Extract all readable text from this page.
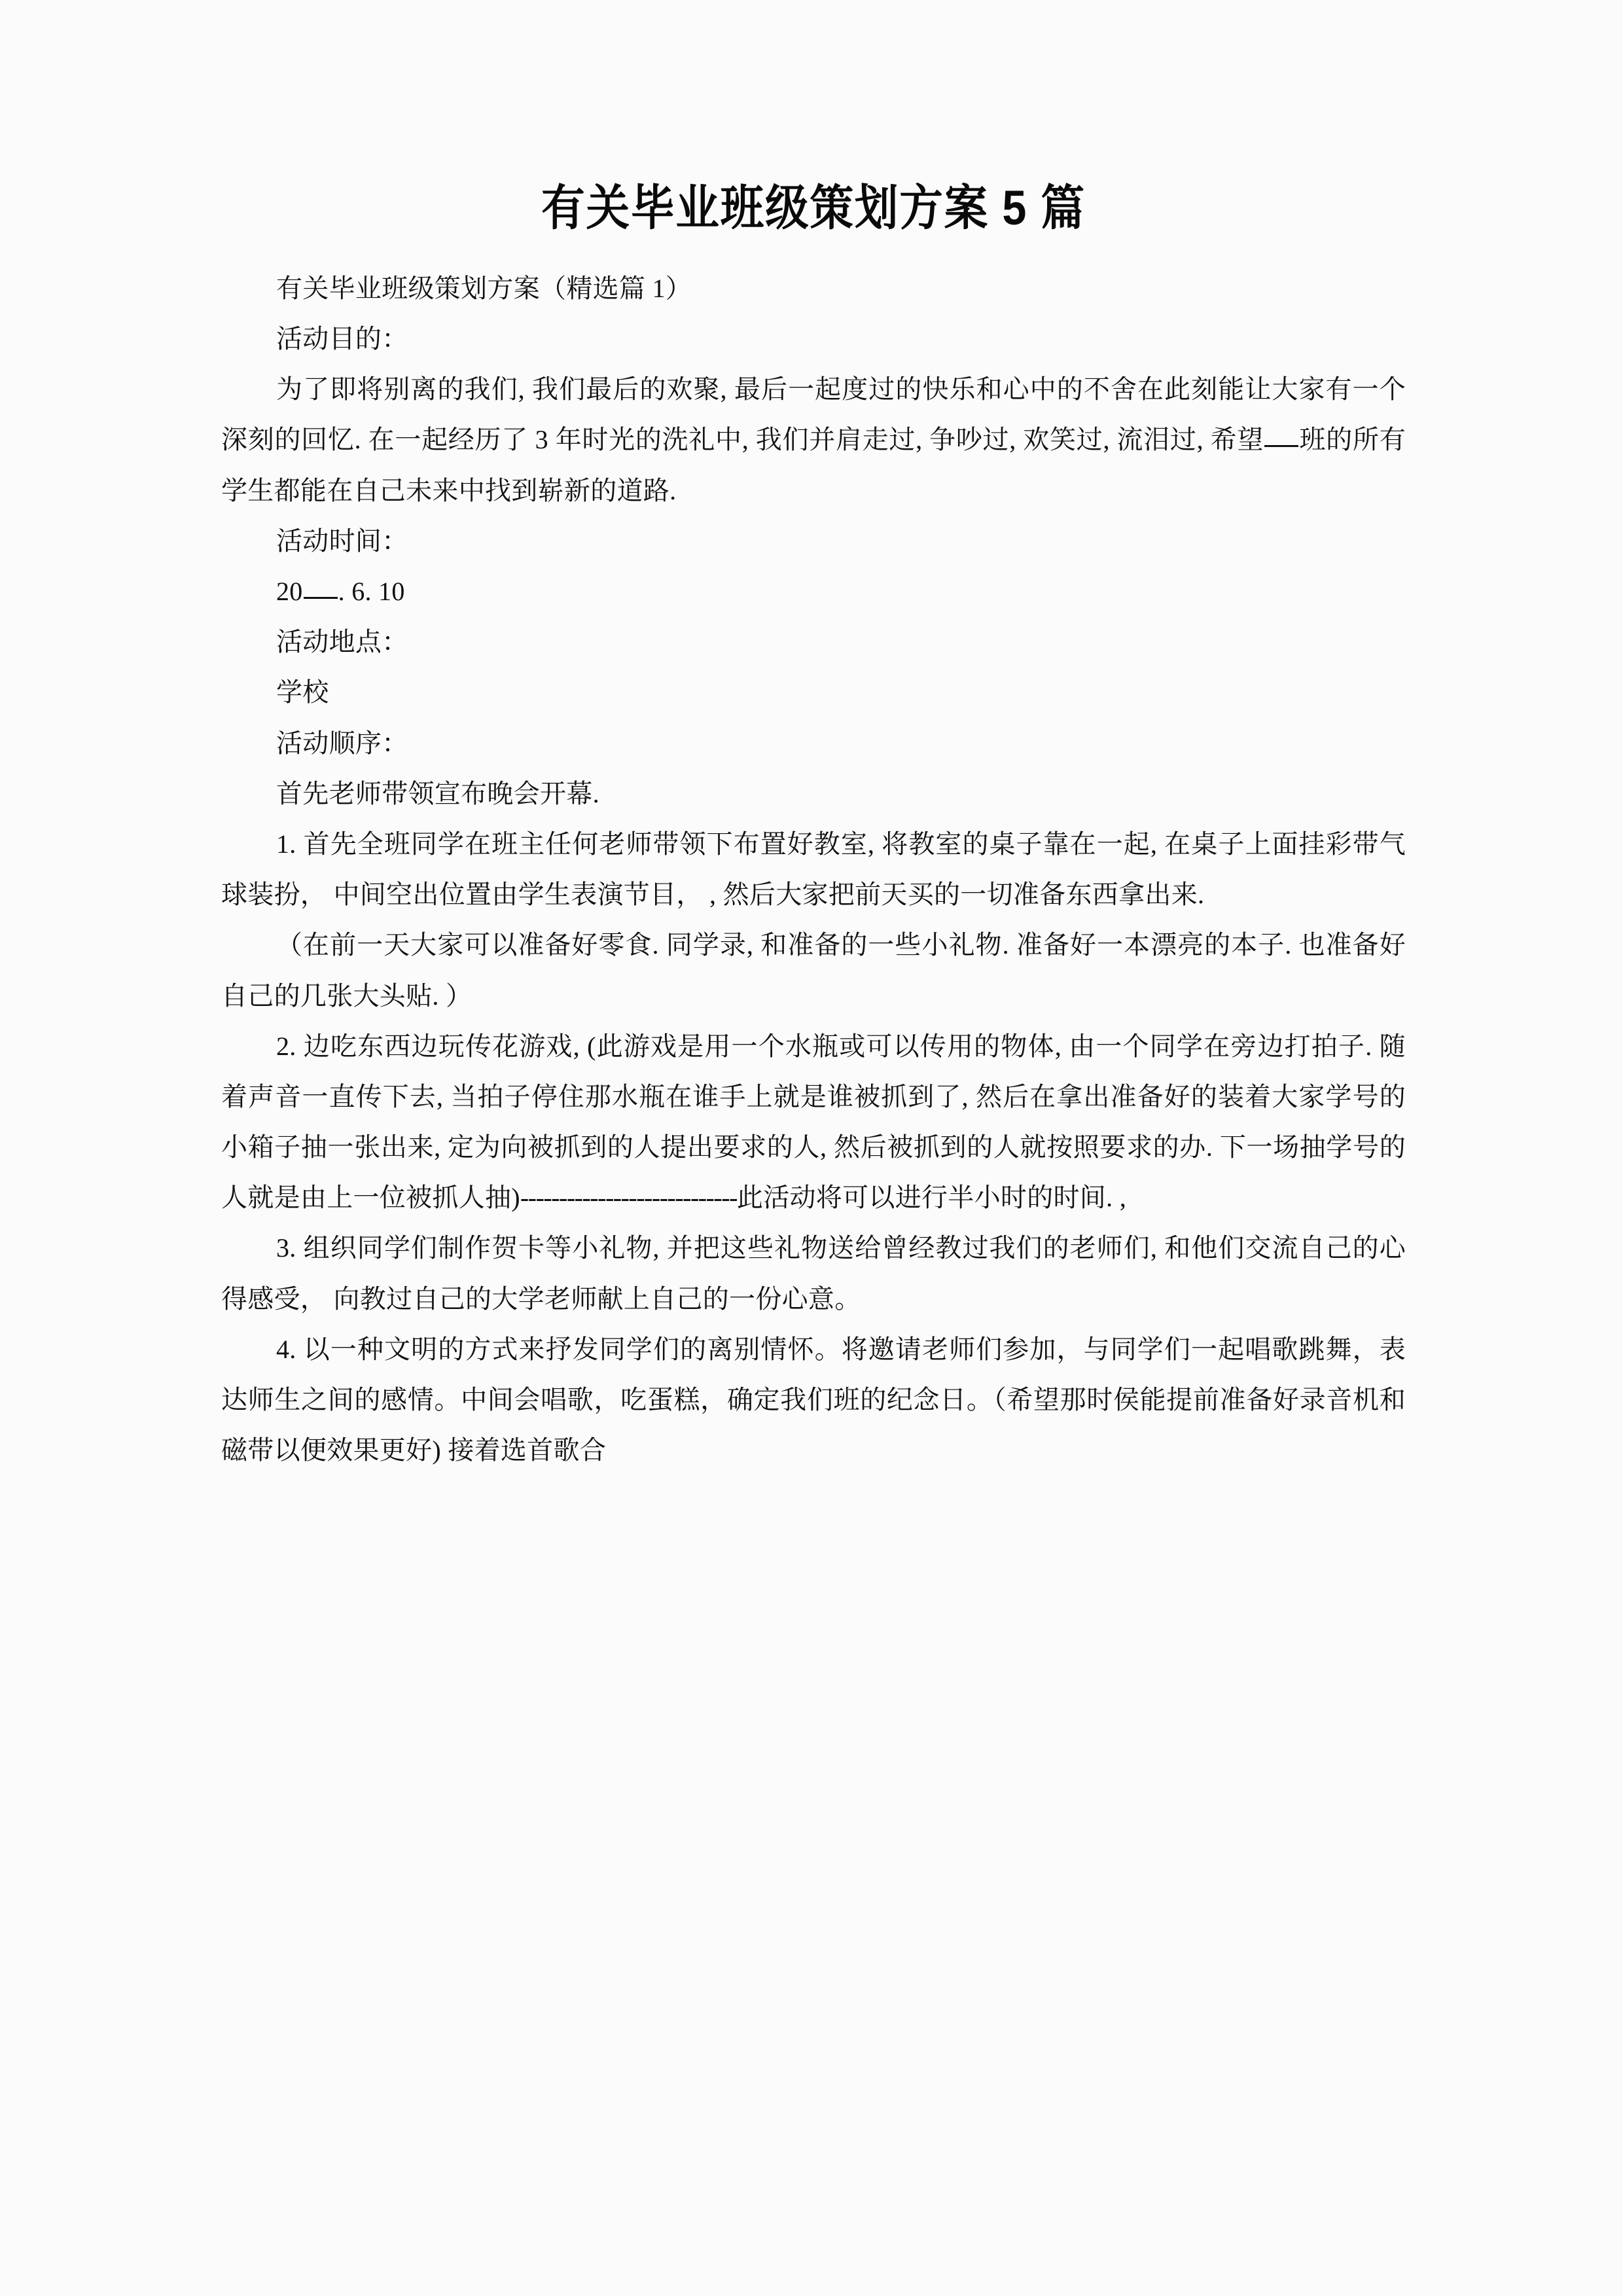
有关毕业班级策划方案 5 篇

有关毕业班级策划方案（精选篇 1）

活动目的：

为了即将别离的我们, 我们最后的欢聚, 最后一起度过的快乐和心中的不舍在此刻能让大家有一个深刻的回忆. 在一起经历了 3 年时光的洗礼中, 我们并肩走过, 争吵过, 欢笑过, 流泪过, 希望 班的所有学生都能在自己未来中找到崭新的道路.

活动时间：

20 . 6. 10

活动地点：

学校

活动顺序：

首先老师带领宣布晚会开幕.

1. 首先全班同学在班主任何老师带领下布置好教室, 将教室的桌子靠在一起, 在桌子上面挂彩带气球装扮， 中间空出位置由学生表演节目， , 然后大家把前天买的一切准备东西拿出来.

（在前一天大家可以准备好零食. 同学录, 和准备的一些小礼物. 准备好一本漂亮的本子. 也准备好自己的几张大头贴. ）

2. 边吃东西边玩传花游戏, (此游戏是用一个水瓶或可以传用的物体, 由一个同学在旁边打拍子. 随着声音一直传下去, 当拍子停住那水瓶在谁手上就是谁被抓到了, 然后在拿出准备好的装着大家学号的小箱子抽一张出来, 定为向被抓到的人提出要求的人, 然后被抓到的人就按照要求的办. 下一场抽学号的人就是由上一位被抓人抽)----------------------------此活动将可以进行半小时的时间. ,

3. 组织同学们制作贺卡等小礼物, 并把这些礼物送给曾经教过我们的老师们, 和他们交流自己的心得感受， 向教过自己的大学老师献上自己的一份心意。

4. 以一种文明的方式来抒发同学们的离别情怀。将邀请老师们参加，与同学们一起唱歌跳舞，表达师生之间的感情。中间会唱歌，吃蛋糕，确定我们班的纪念日。（希望那时侯能提前准备好录音机和磁带以便效果更好) 接着选首歌合
